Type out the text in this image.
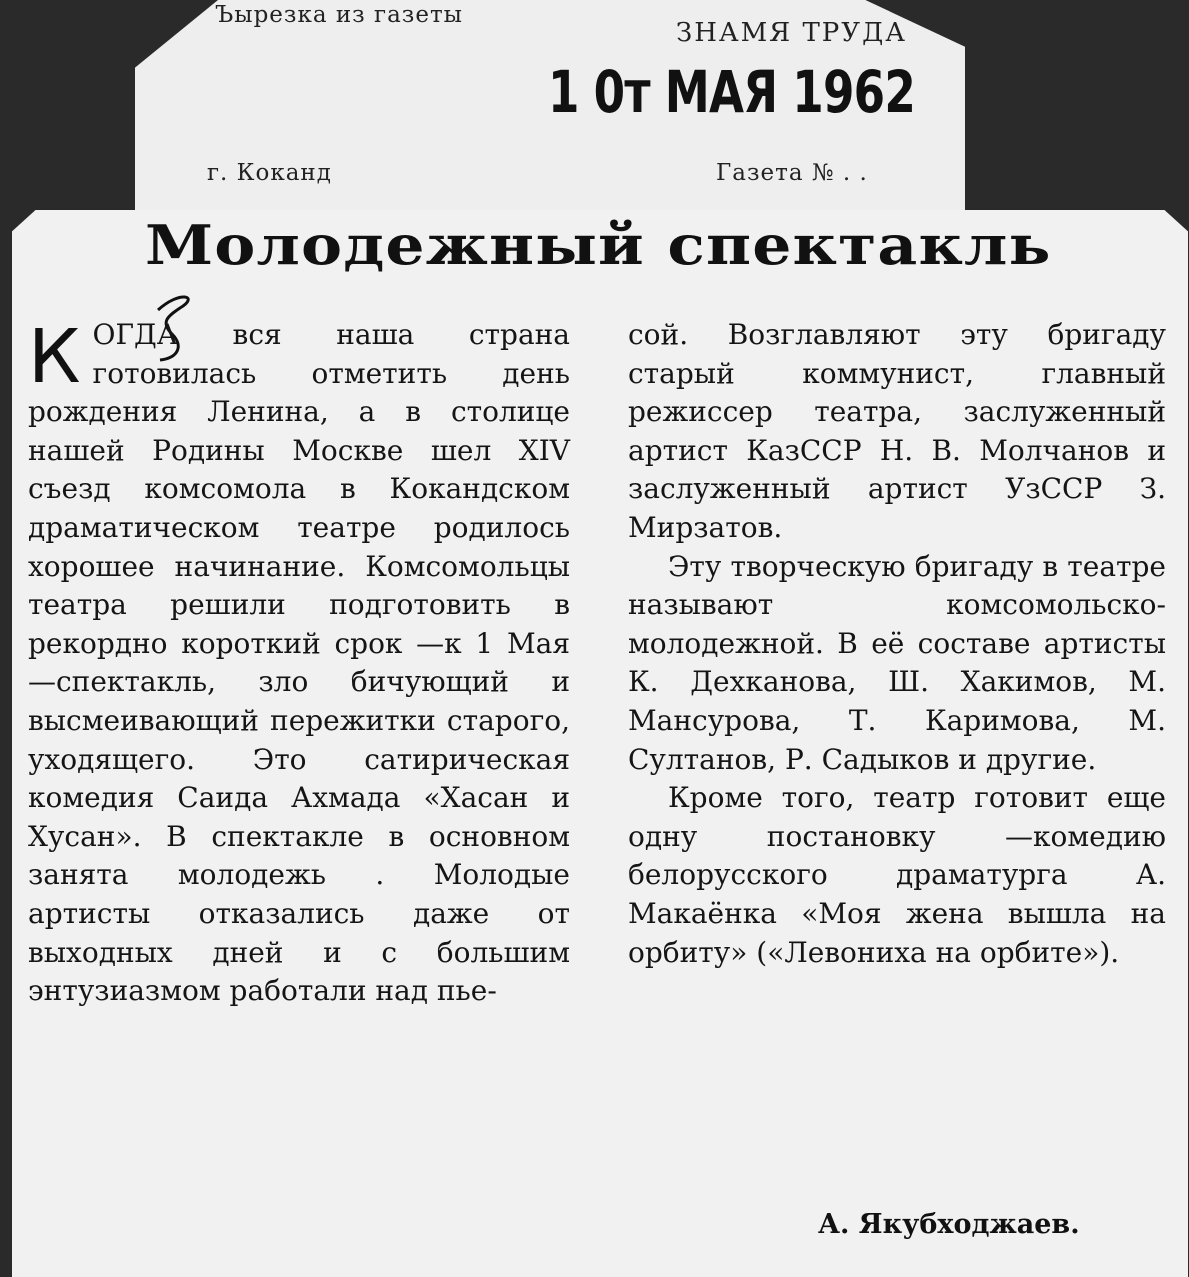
Ъырезка из газеты
ЗНАМЯ ТРУДА
1 0т МАЯ 1962
г. Коканд	Газета № . .
Молодежный спектакль

К ОГДА вся наша страна готовилась отметить день рождения Ленина, а в столице нашей Родины Москве шел XIV съезд комсомола в Кокандском драматическом театре родилось хорошее начинание. Комсомольцы театра решили подготовить в рекордно короткий срок —к 1 Мая —спектакль, зло бичующий и высмеивающий пережитки старого, уходящего. Это сатирическая комедия Саида Ахмада «Хасан и Хусан». В спектакле в основном занята молодежь . Молодые артисты отказались даже от выходных дней и с большим энтузиазмом работали над пье-

сой. Возглавляют эту бригаду старый коммунист, главный режиссер театра, заслуженный артист КазССР Н. В. Молчанов и заслуженный артист УзССР З. Мирзатов.

Эту творческую бригаду в театре называют комсомольско-молодежной. В её составе артисты К. Дехканова, Ш. Хакимов, М. Мансурова, Т. Каримова, М. Султанов, Р. Садыков и другие.

Кроме того, театр готовит еще одну постановку —комедию белорусского драматурга А. Макаёнка «Моя жена вышла на орбиту» («Левониха на орбите»).

А. Якубходжаев.
